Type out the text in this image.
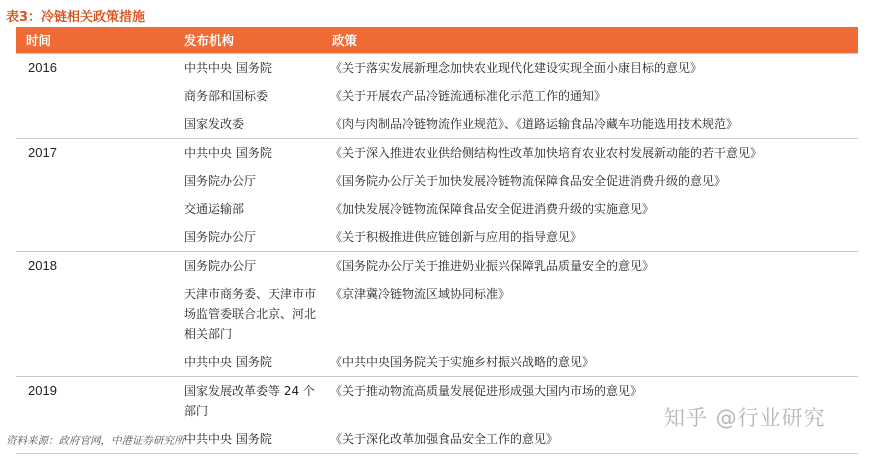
表3：冷链相关政策措施
时间	发布机构	政策
2016	中共中央 国务院	《关于落实发展新理念加快农业现代化建设实现全面小康目标的意见》
	商务部和国标委	《关于开展农产品冷链流通标准化示范工作的通知》
	国家发改委	《肉与肉制品冷链物流作业规范》、《道路运输食品冷藏车功能选用技术规范》
2017	中共中央 国务院	《关于深入推进农业供给侧结构性改革加快培育农业农村发展新动能的若干意见》
	国务院办公厅	《国务院办公厅关于加快发展冷链物流保障食品安全促进消费升级的意见》
	交通运输部	《加快发展冷链物流保障食品安全促进消费升级的实施意见》
	国务院办公厅	《关于积极推进供应链创新与应用的指导意见》
2018	国务院办公厅	《国务院办公厅关于推进奶业振兴保障乳品质量安全的意见》
	天津市商务委、天津市市场监管委联合北京、河北相关部门	《京津冀冷链物流区域协同标准》
	中共中央 国务院	《中共中央国务院关于实施乡村振兴战略的意见》
2019	国家发展改革委等 24 个部门	《关于推动物流高质量发展促进形成强大国内市场的意见》
	中共中央 国务院	《关于深化改革加强食品安全工作的意见》
资料来源：政府官网，中港证券研究所
知乎 @行业研究
